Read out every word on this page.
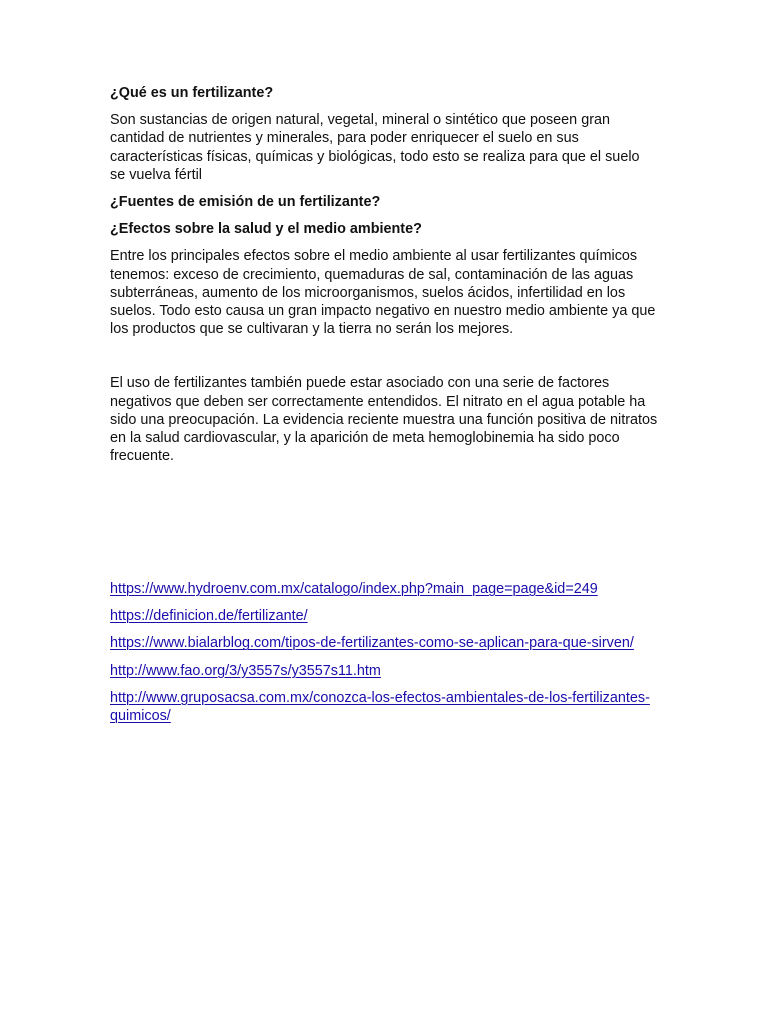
¿Qué es un fertilizante?

Son sustancias de origen natural, vegetal, mineral o sintético que poseen gran cantidad de nutrientes y minerales, para poder enriquecer el suelo en sus características físicas, químicas y biológicas, todo esto se realiza para que el suelo se vuelva fértil

¿Fuentes de emisión de un fertilizante?

¿Efectos sobre la salud y el medio ambiente?

Entre los principales efectos sobre el medio ambiente al usar fertilizantes químicos tenemos: exceso de crecimiento, quemaduras de sal, contaminación de las aguas subterráneas, aumento de los microorganismos, suelos ácidos, infertilidad en los suelos. Todo esto causa un gran impacto negativo en nuestro medio ambiente ya que los productos que se cultivaran y la tierra no serán los mejores.

El uso de fertilizantes también puede estar asociado con una serie de factores negativos que deben ser correctamente entendidos. El nitrato en el agua potable ha sido una preocupación. La evidencia reciente muestra una función positiva de nitratos en la salud cardiovascular, y la aparición de meta hemoglobinemia ha sido poco frecuente.

https://www.hydroenv.com.mx/catalogo/index.php?main_page=page&id=249
https://definicion.de/fertilizante/
https://www.bialarblog.com/tipos-de-fertilizantes-como-se-aplican-para-que-sirven/
http://www.fao.org/3/y3557s/y3557s11.htm
http://www.gruposacsa.com.mx/conozca-los-efectos-ambientales-de-los-fertilizantes-quimicos/
